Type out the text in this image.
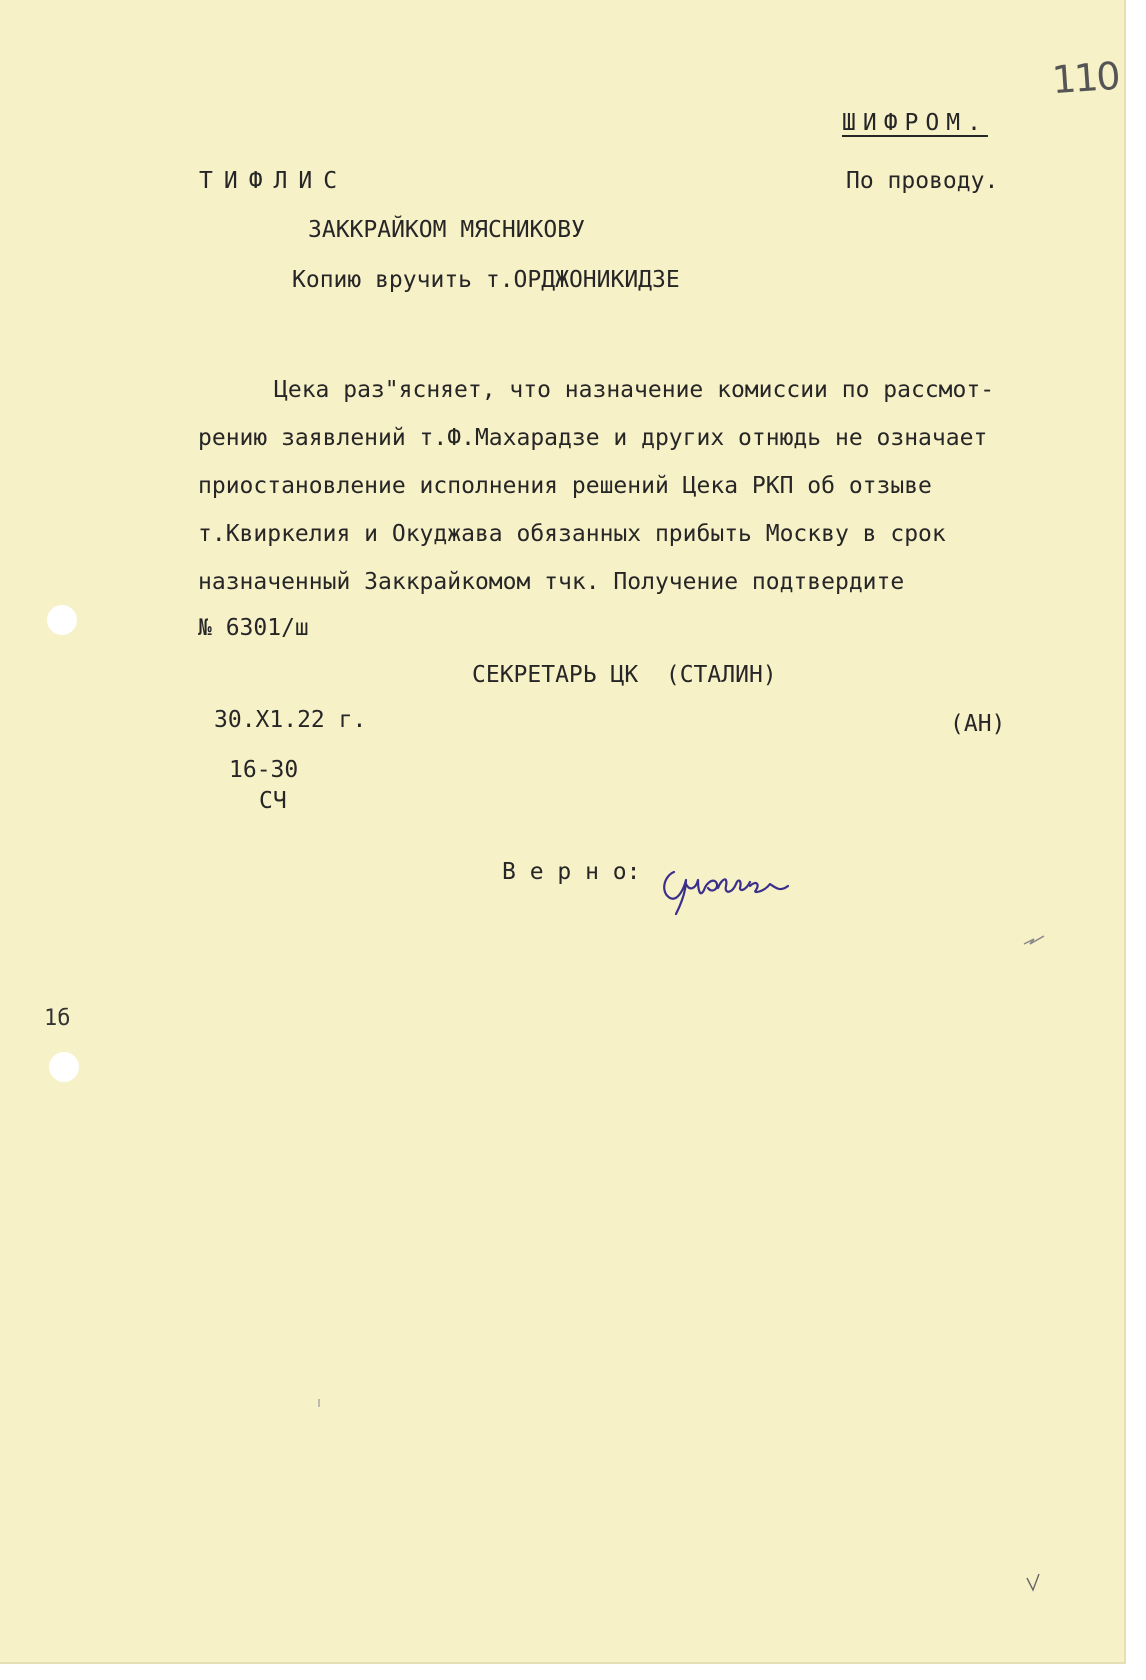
110
ШИФРОМ.
По проводу.
ТИФЛИС
ЗАККРАЙКОМ МЯСНИКОВУ
Копию вручить т.ОРДЖОНИКИДЗЕ
Цека раз"ясняет, что назначение комиссии по рассмот-
рению заявлений т.Ф.Махарадзе и других отнюдь не означает
приостановление исполнения решений Цека РКП об отзыве
т.Квиркелия и Окуджава обязанных прибыть Москву в срок
назначенный Заккрайкомом тчк. Получение подтвердите
№ 6301/ш
СЕКРЕТАРЬ ЦК  (СТАЛИН)
30.Х1.22 г.	(АН)
16-30
СЧ
В е р н о:
1б
